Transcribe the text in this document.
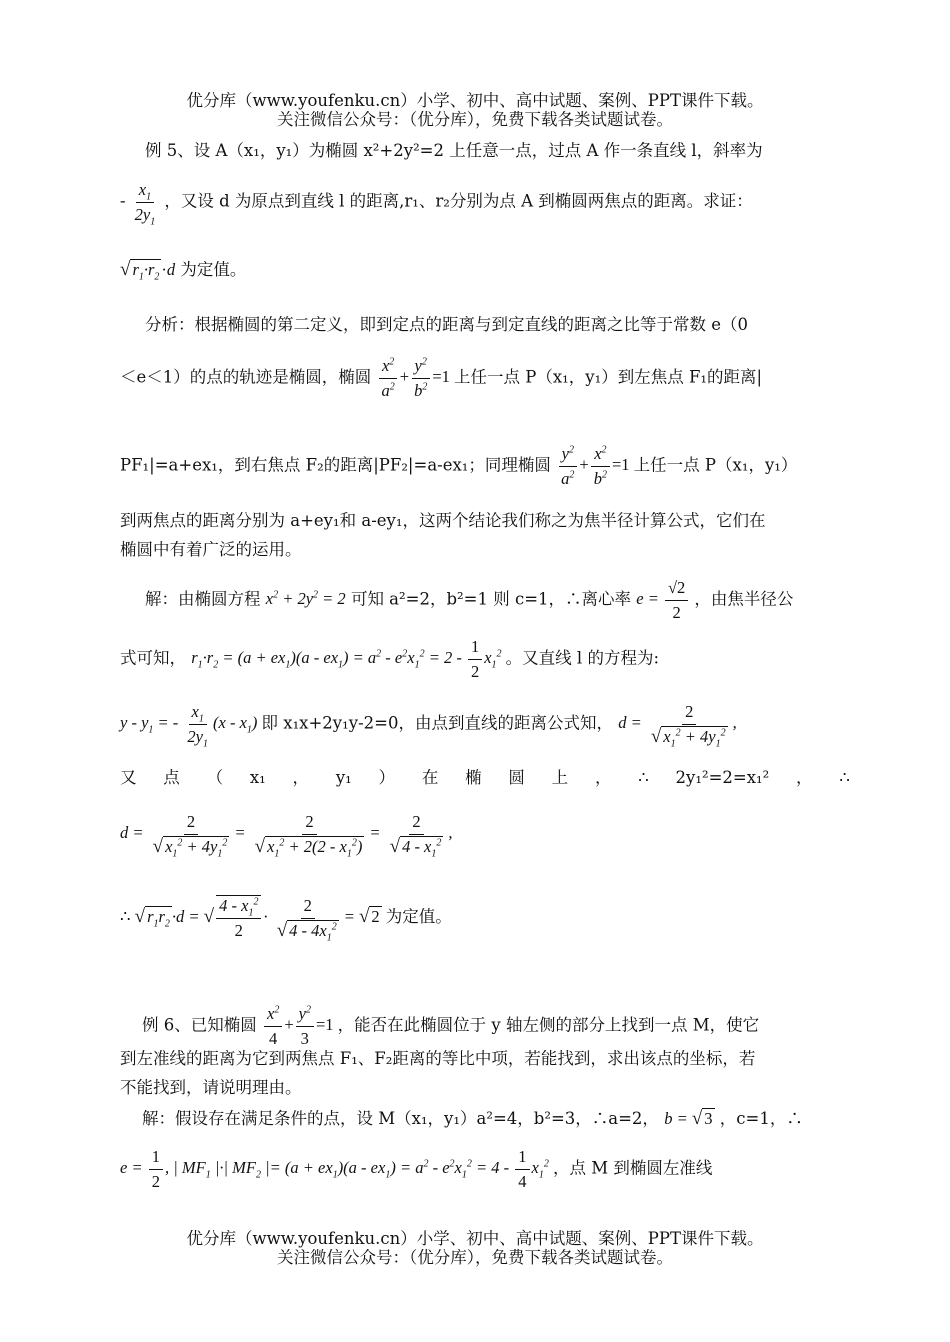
优分库（www.youfenku.cn）小学、初中、高中试题、案例、PPT课件下载。
关注微信公众号：（优分库），免费下载各类试题试卷。
例 5、设 A（x₁，y₁）为椭圆 x²+2y²=2 上任意一点，过点 A 作一条直线 l，斜率为
- $\frac{x_1}{2y_1}$ ，又设 d 为原点到直线 l 的距离,r₁、r₂分别为点 A 到椭圆两焦点的距离。求证：
√ $r_1\cdot r_2 \cdot d$ 为定值。
分析：根据椭圆的第二定义，即到定点的距离与到定直线的距离之比等于常数 e（0
＜e＜1）的点的轨迹是椭圆，椭圆 $\frac{x^2}{a^2} + \frac{y^2}{b^2} =1$ 上任一点 P（x₁，y₁）到左焦点 F₁的距离|
PF₁|=a+ex₁，到右焦点 F₂的距离|PF₂|=a-ex₁；同理椭圆 $\frac{y^2}{a^2} + \frac{x^2}{b^2} =1$ 上任一点 P（x₁，y₁）
到两焦点的距离分别为 a+ey₁和 a-ey₁，这两个结论我们称之为焦半径计算公式，它们在
椭圆中有着广泛的运用。
解：由椭圆方程 $x^2 + 2y^2 = 2$ 可知 a²=2，b²=1 则 c=1，∴离心率 $e = \frac{√2}{2}$ ，由焦半径公
式可知， $r_1\cdot r_2 = (a + ex_1)(a - ex_1) = a^2 - e^2x_1^2 = 2 - \frac{1}{2} x_1^2$ 。又直线 l 的方程为:
y - $y_1$ = - $\frac{x_1}{2y_1} (x - x_1)$ 即 x₁x+2y₁y-2=0，由点到直线的距离公式知， $d = \frac{2}{√ x_1^2 + 4y_1^2}$ ,
又 点 （ x₁ ， y₁ ） 在 椭 圆 上 ， ∴ 2y₁²=2=x₁² ， ∴
$d = \frac{2}{√ x_1^2 + 4y_1^2} = \frac{2}{√ x_1^2 + 2(2 - x_1^2)} = \frac{2}{√ 4 - x_1^2}$ ,
∴ √ $r_1r_2 \cdot d$ = √ $\frac{4 - x_1^2}{2} \cdot \frac{2}{√ 4 - 4x_1^2}$ = √ 2 为定值。
例 6、已知椭圆 $\frac{x^2}{4} + \frac{y^2}{3} =1$ ，能否在此椭圆位于 y 轴左侧的部分上找到一点 M，使它
到左准线的距离为它到两焦点 F₁、F₂距离的等比中项，若能找到，求出该点的坐标，若
不能找到，请说明理由。
解：假设存在满足条件的点，设 M（x₁，y₁）a²=4，b²=3，∴a=2， b = √ 3 ，c=1，∴
$e = \frac{1}{2}$ , | $MF_1$ |·| $MF_2$ |= $(a + ex_1)(a - ex_1) = a^2 - e^2x_1^2 = 4 - \frac{1}{4} x_1^2$ ，点 M 到椭圆左准线
优分库（www.youfenku.cn）小学、初中、高中试题、案例、PPT课件下载。
关注微信公众号：（优分库），免费下载各类试题试卷。
